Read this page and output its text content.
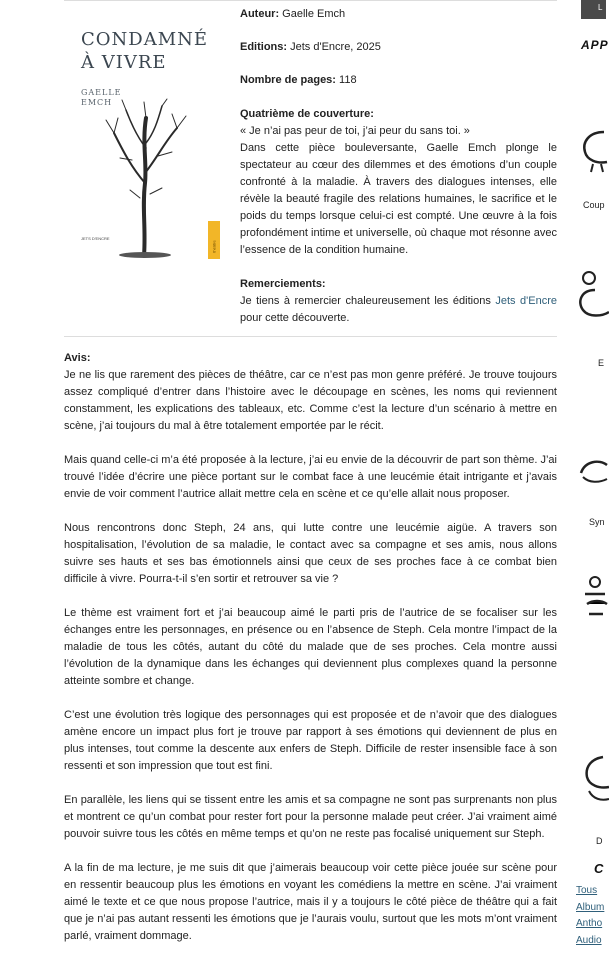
CONDAMNÉ
À VIVRE
GAELLE
EMCH
JETS D'ENCRE
théâtre

Auteur: Gaelle Emch

Editions: Jets d'Encre, 2025

Nombre de pages: 118

Quatrième de couverture:

« Je n’ai pas peur de toi, j’ai peur du sans toi. »

Dans cette pièce bouleversante, Gaelle Emch plonge le spectateur au cœur des dilemmes et des émotions d’un couple confronté à la maladie. À travers des dialogues intenses, elle révèle la beauté fragile des relations humaines, le sacrifice et le poids du temps lorsque celui-ci est compté. Une œuvre à la fois profondément intime et universelle, où chaque mot résonne avec l’essence de la condition humaine.

Remerciements:

Je tiens à remercier chaleureusement les éditions Jets d'Encre pour cette découverte.

Avis:

Je ne lis que rarement des pièces de théâtre, car ce n’est pas mon genre préféré. Je trouve toujours assez compliqué d’entrer dans l’histoire avec le découpage en scènes, les noms qui reviennent constamment, les explications des tableaux, etc. Comme c’est la lecture d’un scénario à mettre en scène, j’ai toujours du mal à être totalement emportée par le récit.

Mais quand celle-ci m’a été proposée à la lecture, j’ai eu envie de la découvrir de part son thème. J’ai trouvé l’idée d’écrire une pièce portant sur le combat face à une leucémie était intrigante et j’avais envie de voir comment l’autrice allait mettre cela en scène et ce qu’elle allait nous proposer.

Nous rencontrons donc Steph, 24 ans, qui lutte contre une leucémie aigüe. A travers son hospitalisation, l’évolution de sa maladie, le contact avec sa compagne et ses amis, nous allons suivre ses hauts et ses bas émotionnels ainsi que ceux de ses proches face à ce combat bien difficile à vivre. Pourra-t-il s’en sortir et retrouver sa vie ?

Le thème est vraiment fort et j’ai beaucoup aimé le parti pris de l’autrice de se focaliser sur les échanges entre les personnages, en présence ou en l’absence de Steph. Cela montre l’impact de la maladie de tous les côtés, autant du côté du malade que de ses proches. Cela montre aussi l’évolution de la dynamique dans les échanges qui deviennent plus complexes quand la personne atteinte sombre et change.

C’est une évolution très logique des personnages qui est proposée et de n’avoir que des dialogues amène encore un impact plus fort je trouve par rapport à ses émotions qui deviennent de plus en plus intenses, tout comme la descente aux enfers de Steph. Difficile de rester insensible face à son ressenti et son impression que tout est fini.

En parallèle, les liens qui se tissent entre les amis et sa compagne ne sont pas surprenants non plus et montrent ce qu’un combat pour rester fort pour la personne malade peut créer. J’ai vraiment aimé pouvoir suivre tous les côtés en même temps et qu’on ne reste pas focalisé uniquement sur Steph.

A la fin de ma lecture, je me suis dit que j’aimerais beaucoup voir cette pièce jouée sur scène pour en ressentir beaucoup plus les émotions en voyant les comédiens la mettre en scène. J’ai vraiment aimé le texte et ce que nous propose l’autrice, mais il y a toujours le côté pièce de théâtre qui a fait que je n’ai pas autant ressenti les émotions que je l’aurais voulu, surtout que les mots m’ont vraiment parlé, vraiment dommage.

L
APP
Coup
E
Syn
D
C
Tous
Album
Antho
Audio
